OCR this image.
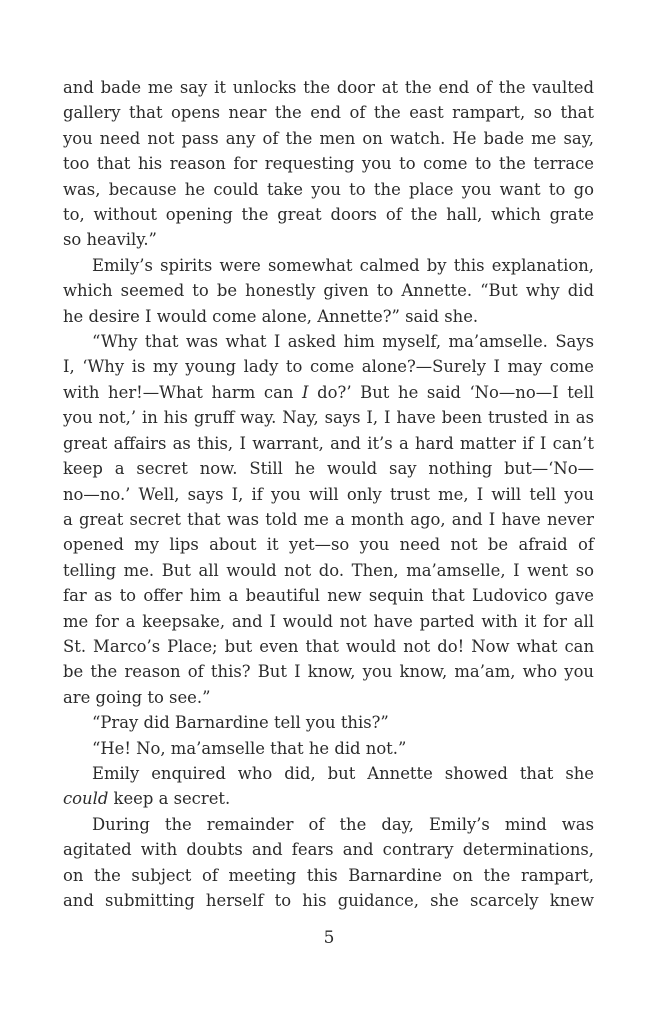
and bade me say it unlocks the door at the end of the vaulted
gallery that opens near the end of the east rampart, so that
you need not pass any of the men on watch. He bade me say,
too that his reason for requesting you to come to the terrace
was, because he could take you to the place you want to go
to, without opening the great doors of the hall, which grate
so heavily.”
Emily’s spirits were somewhat calmed by this explanation,
which seemed to be honestly given to Annette. “But why did
he desire I would come alone, Annette?” said she.
“Why that was what I asked him myself, ma’amselle. Says
I, ‘Why is my young lady to come alone?—Surely I may come
with her!—What harm can I do?’ But he said ‘No—no—I tell
you not,’ in his gruff way. Nay, says I, I have been trusted in as
great affairs as this, I warrant, and it’s a hard matter if I can’t
keep a secret now. Still he would say nothing but—‘No—
no—no.’ Well, says I, if you will only trust me, I will tell you
a great secret that was told me a month ago, and I have never
opened my lips about it yet—so you need not be afraid of
telling me. But all would not do. Then, ma’amselle, I went so
far as to offer him a beautiful new sequin that Ludovico gave
me for a keepsake, and I would not have parted with it for all
St. Marco’s Place; but even that would not do! Now what can
be the reason of this? But I know, you know, ma’am, who you
are going to see.”
“Pray did Barnardine tell you this?”
“He! No, ma’amselle that he did not.”
Emily enquired who did, but Annette showed that she
could keep a secret.
During the remainder of the day, Emily’s mind was
agitated with doubts and fears and contrary determinations,
on the subject of meeting this Barnardine on the rampart,
and submitting herself to his guidance, she scarcely knew
5
